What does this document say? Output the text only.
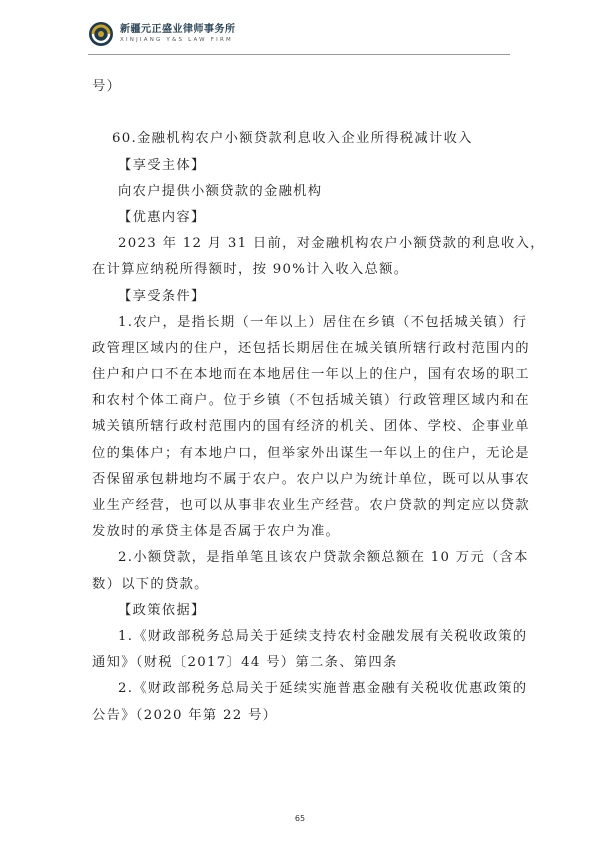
新疆元正盛业律师事务所
XINJIANG Y&S LAW FIRM
号）
60.金融机构农户小额贷款利息收入企业所得税减计收入
【享受主体】
向农户提供小额贷款的金融机构
【优惠内容】
2023 年 12 月 31 日前，对金融机构农户小额贷款的利息收入，
在计算应纳税所得额时，按 90%计入收入总额。
【享受条件】
1.农户，是指长期（一年以上）居住在乡镇（不包括城关镇）行
政管理区域内的住户，还包括长期居住在城关镇所辖行政村范围内的
住户和户口不在本地而在本地居住一年以上的住户，国有农场的职工
和农村个体工商户。位于乡镇（不包括城关镇）行政管理区域内和在
城关镇所辖行政村范围内的国有经济的机关、团体、学校、企事业单
位的集体户；有本地户口，但举家外出谋生一年以上的住户，无论是
否保留承包耕地均不属于农户。农户以户为统计单位，既可以从事农
业生产经营，也可以从事非农业生产经营。农户贷款的判定应以贷款
发放时的承贷主体是否属于农户为准。
2.小额贷款，是指单笔且该农户贷款余额总额在 10 万元（含本
数）以下的贷款。
【政策依据】
1.《财政部税务总局关于延续支持农村金融发展有关税收政策的
通知》（财税〔2017〕44 号）第二条、第四条
2.《财政部税务总局关于延续实施普惠金融有关税收优惠政策的
公告》（2020 年第 22 号）
65
